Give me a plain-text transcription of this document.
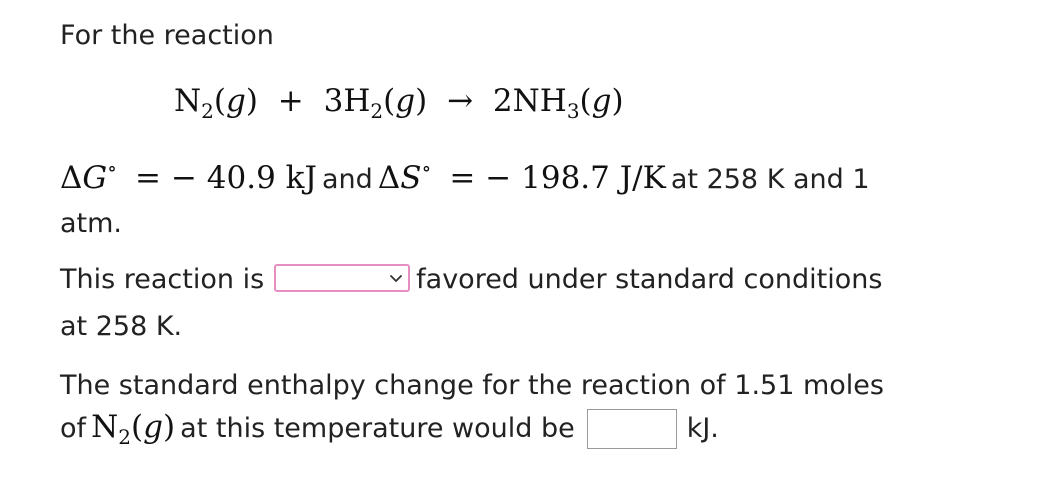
For the reaction
$N_2(g) + 3H_2(g) \to 2NH_3(g)$
ΔG∘ = − 40.9 kJ and ΔS∘ = − 198.7 J/K at 258 K and 1
atm.
This reaction is	favored under standard conditions
at 258 K.
The standard enthalpy change for the reaction of 1.51 moles
of $N_2(g)$ at this temperature would be	kJ.
